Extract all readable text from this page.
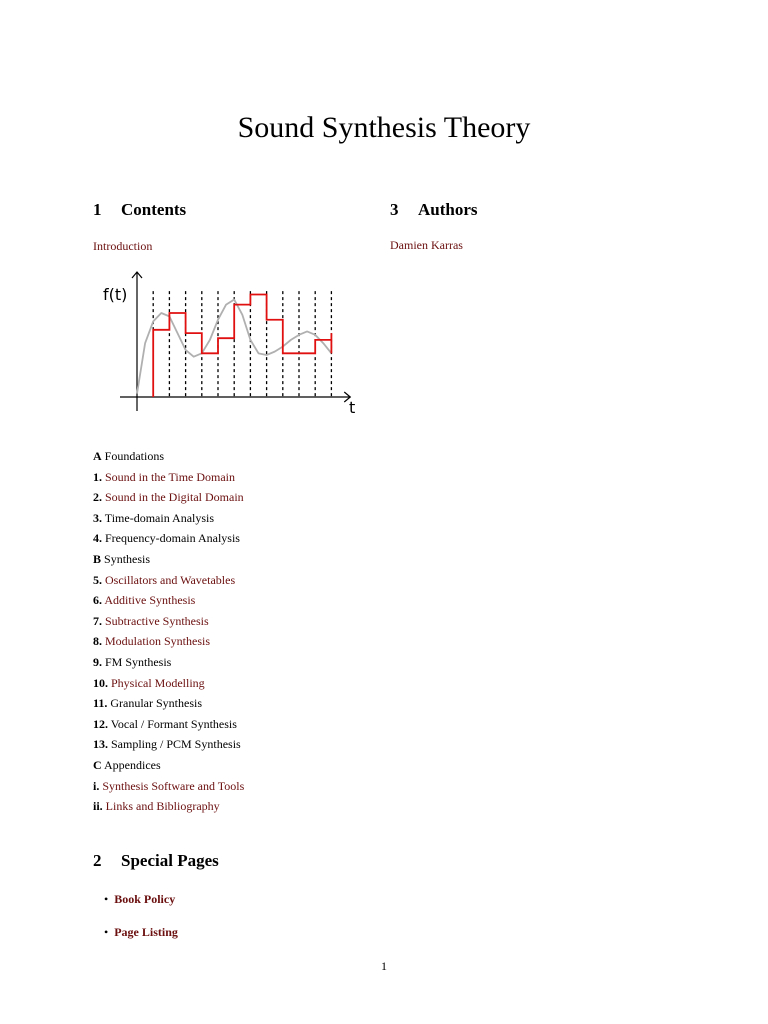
Sound Synthesis Theory
1 Contents	3 Authors
Introduction	Damien Karras
f(t)
t
A Foundations
1. Sound in the Time Domain
2. Sound in the Digital Domain
3. Time-domain Analysis
4. Frequency-domain Analysis
B Synthesis
5. Oscillators and Wavetables
6. Additive Synthesis
7. Subtractive Synthesis
8. Modulation Synthesis
9. FM Synthesis
10. Physical Modelling
11. Granular Synthesis
12. Vocal / Formant Synthesis
13. Sampling / PCM Synthesis
C Appendices
i. Synthesis Software and Tools
ii. Links and Bibliography
2 Special Pages
• Book Policy
• Page Listing
1
